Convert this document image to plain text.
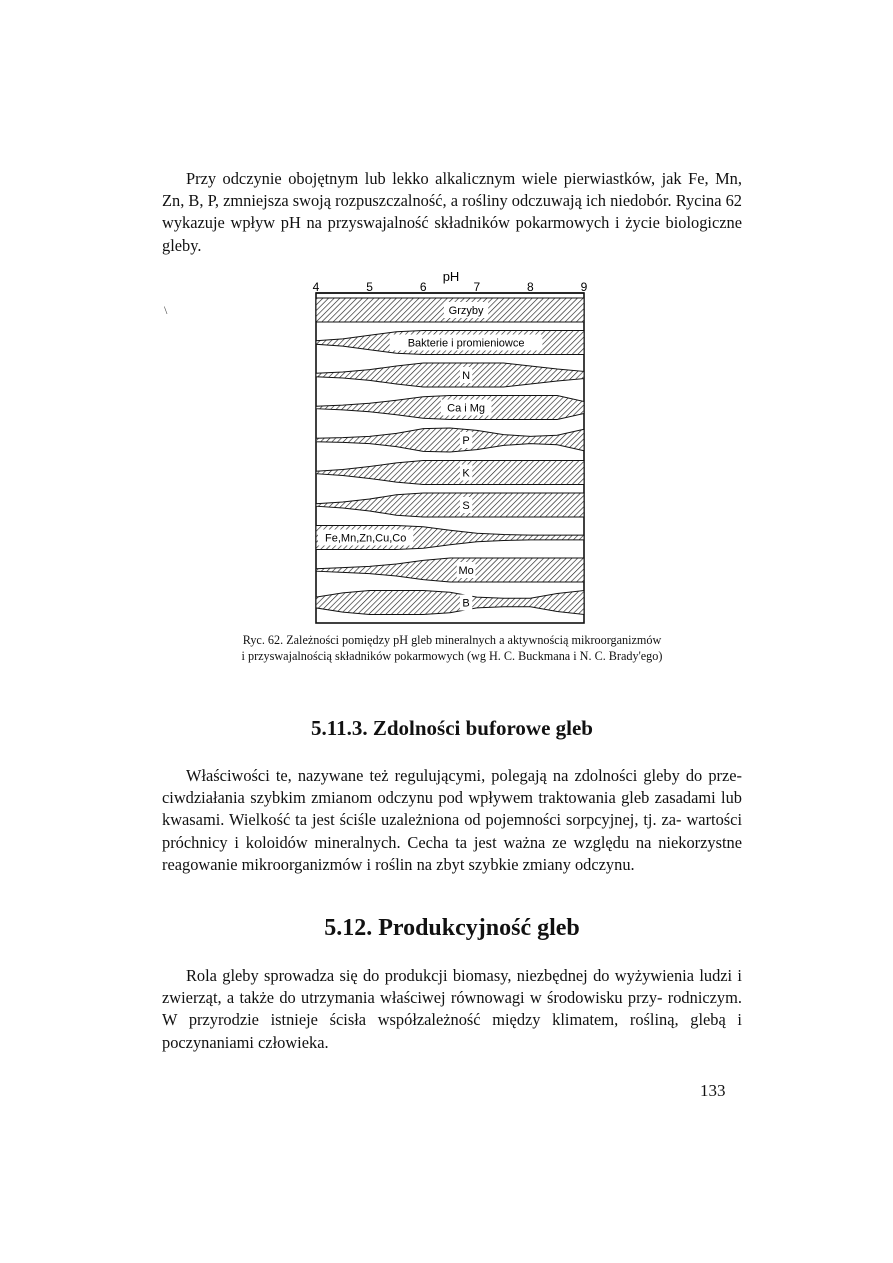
\

Przy odczynie obojętnym lub lekko alkalicznym wiele pierwiastków, jak Fe, Mn, Zn, B, P, zmniejsza swoją rozpuszczalność, a rośliny odczuwają ich niedobór. Rycina 62 wykazuje wpływ pH na przyswajalność składników pokarmowych i życie biologiczne gleby.

pH
4	5	6	7	8	9
Grzyby
Bakterie i promieniowce
N
Ca i Mg
P
K
S
Fe,Mn,Zn,Cu,Co
Mo
B

Ryc. 62. Zależności pomiędzy pH gleb mineralnych a aktywnością mikroorganizmów
i przyswajalnością składników pokarmowych (wg H. C. Buckmana i N. C. Brady'ego)

5.11.3. Zdolności buforowe gleb

Właściwości te, nazywane też regulującymi, polegają na zdolności gleby do prze- ciwdziałania szybkim zmianom odczynu pod wpływem traktowania gleb zasadami lub kwasami. Wielkość ta jest ściśle uzależniona od pojemności sorpcyjnej, tj. za- wartości próchnicy i koloidów mineralnych. Cecha ta jest ważna ze względu na niekorzystne reagowanie mikroorganizmów i roślin na zbyt szybkie zmiany odczynu.

5.12. Produkcyjność gleb

Rola gleby sprowadza się do produkcji biomasy, niezbędnej do wyżywienia ludzi i zwierząt, a także do utrzymania właściwej równowagi w środowisku przy- rodniczym. W przyrodzie istnieje ścisła współzależność między klimatem, rośliną, glebą i poczynaniami człowieka.

133
